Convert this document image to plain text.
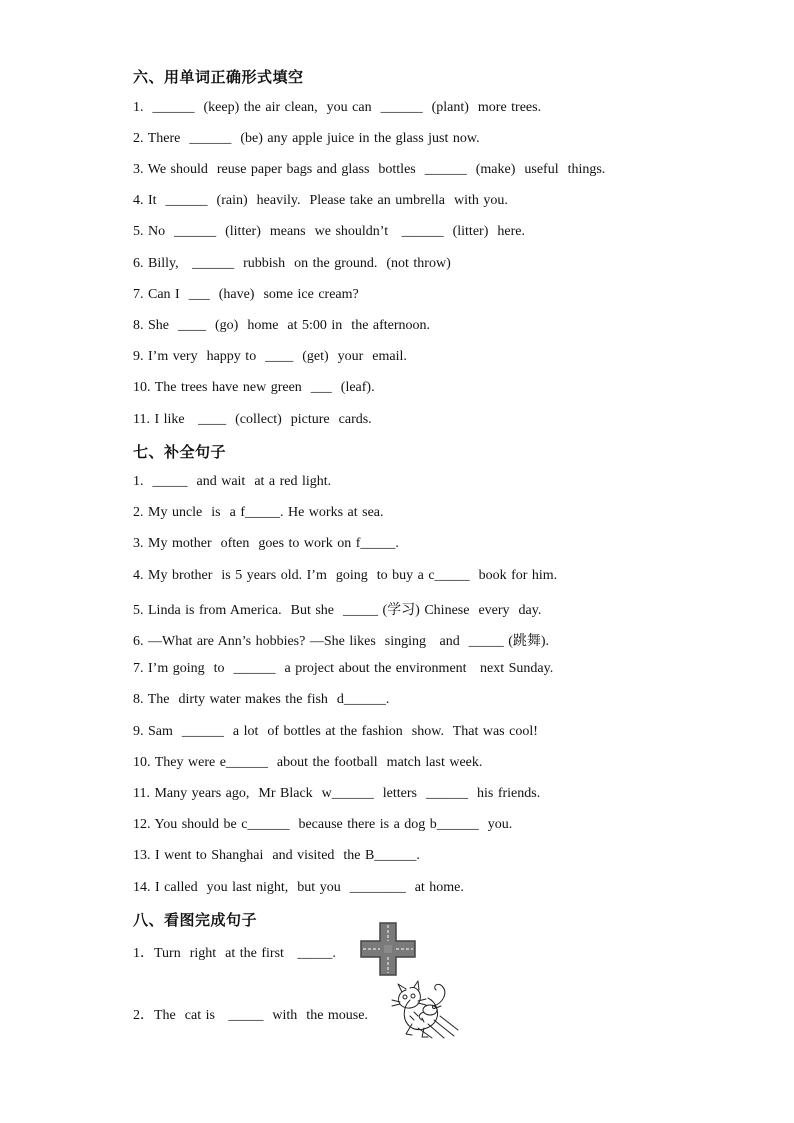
六、用单词正确形式填空
1.  ______  (keep) the air clean,  you can  ______  (plant)  more trees.
2. There  ______  (be) any apple juice in the glass just now.
3. We should  reuse paper bags and glass  bottles  ______  (make)  useful  things.
4. It  ______  (rain)  heavily.  Please take an umbrella  with you.
5. No  ______  (litter)  means  we shouldn’t   ______  (litter)  here.
6. Billy,   ______  rubbish  on the ground.  (not throw)
7. Can I  ___  (have)  some ice cream?
8. She  ____  (go)  home  at 5:00 in  the afternoon.
9. I’m very  happy to  ____  (get)  your  email.
10. The trees have new green  ___  (leaf).
11. I like   ____  (collect)  picture  cards.
七、补全句子
1.  _____  and wait  at a red light.
2. My uncle  is  a f_____. He works at sea.
3. My mother  often  goes to work on f_____.
4. My brother  is 5 years old. I’m  going  to buy a c_____  book for him.
5. Linda is from America.  But she  _____ (学习) Chinese  every  day.
6. —What are Ann’s hobbies? —She likes  singing   and  _____ (跳舞).
7. I’m going  to  ______  a project about the environment   next Sunday.
8. The  dirty water makes the fish  d______.
9. Sam  ______  a lot  of bottles at the fashion  show.  That was cool!
10. They were e______  about the football  match last week.
11. Many years ago,  Mr Black  w______  letters  ______  his friends.
12. You should be c______  because there is a dog b______  you.
13. I went to Shanghai  and visited  the B______.
14. I called  you last night,  but you  ________  at home.
八、看图完成句子
1．Turn  right  at the first   _____.
2．The  cat is   _____  with  the mouse.
